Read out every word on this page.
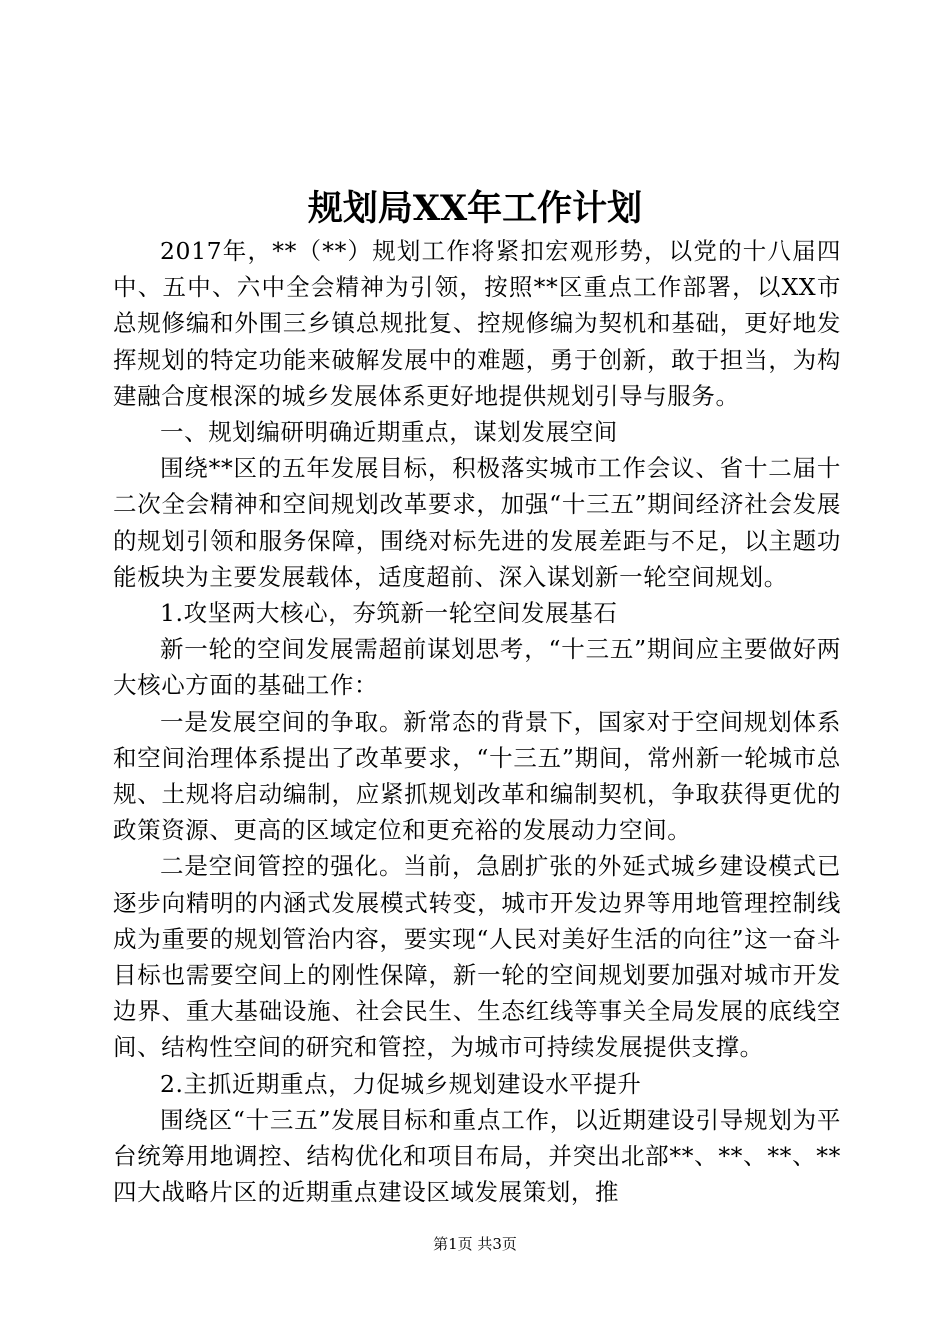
规划局XX年工作计划

2017年，**（**）规划工作将紧扣宏观形势，以党的十八届四中、五中、六中全会精神为引领，按照**区重点工作部署，以XX市总规修编和外围三乡镇总规批复、控规修编为契机和基础，更好地发挥规划的特定功能来破解发展中的难题，勇于创新，敢于担当，为构建融合度根深的城乡发展体系更好地提供规划引导与服务。

一、规划编研明确近期重点，谋划发展空间

围绕**区的五年发展目标，积极落实城市工作会议、省十二届十二次全会精神和空间规划改革要求，加强“十三五”期间经济社会发展的规划引领和服务保障，围绕对标先进的发展差距与不足，以主题功能板块为主要发展载体，适度超前、深入谋划新一轮空间规划。

1.攻坚两大核心，夯筑新一轮空间发展基石

新一轮的空间发展需超前谋划思考，“十三五”期间应主要做好两大核心方面的基础工作：

一是发展空间的争取。新常态的背景下，国家对于空间规划体系和空间治理体系提出了改革要求，“十三五”期间，常州新一轮城市总规、土规将启动编制，应紧抓规划改革和编制契机，争取获得更优的政策资源、更高的区域定位和更充裕的发展动力空间。

二是空间管控的强化。当前，急剧扩张的外延式城乡建设模式已逐步向精明的内涵式发展模式转变，城市开发边界等用地管理控制线成为重要的规划管治内容，要实现“人民对美好生活的向往”这一奋斗目标也需要空间上的刚性保障，新一轮的空间规划要加强对城市开发边界、重大基础设施、社会民生、生态红线等事关全局发展的底线空间、结构性空间的研究和管控，为城市可持续发展提供支撑。

2.主抓近期重点，力促城乡规划建设水平提升

围绕区“十三五”发展目标和重点工作，以近期建设引导规划为平台统筹用地调控、结构优化和项目布局，并突出北部**、**、**、**四大战略片区的近期重点建设区域发展策划，推

第1页 共3页
